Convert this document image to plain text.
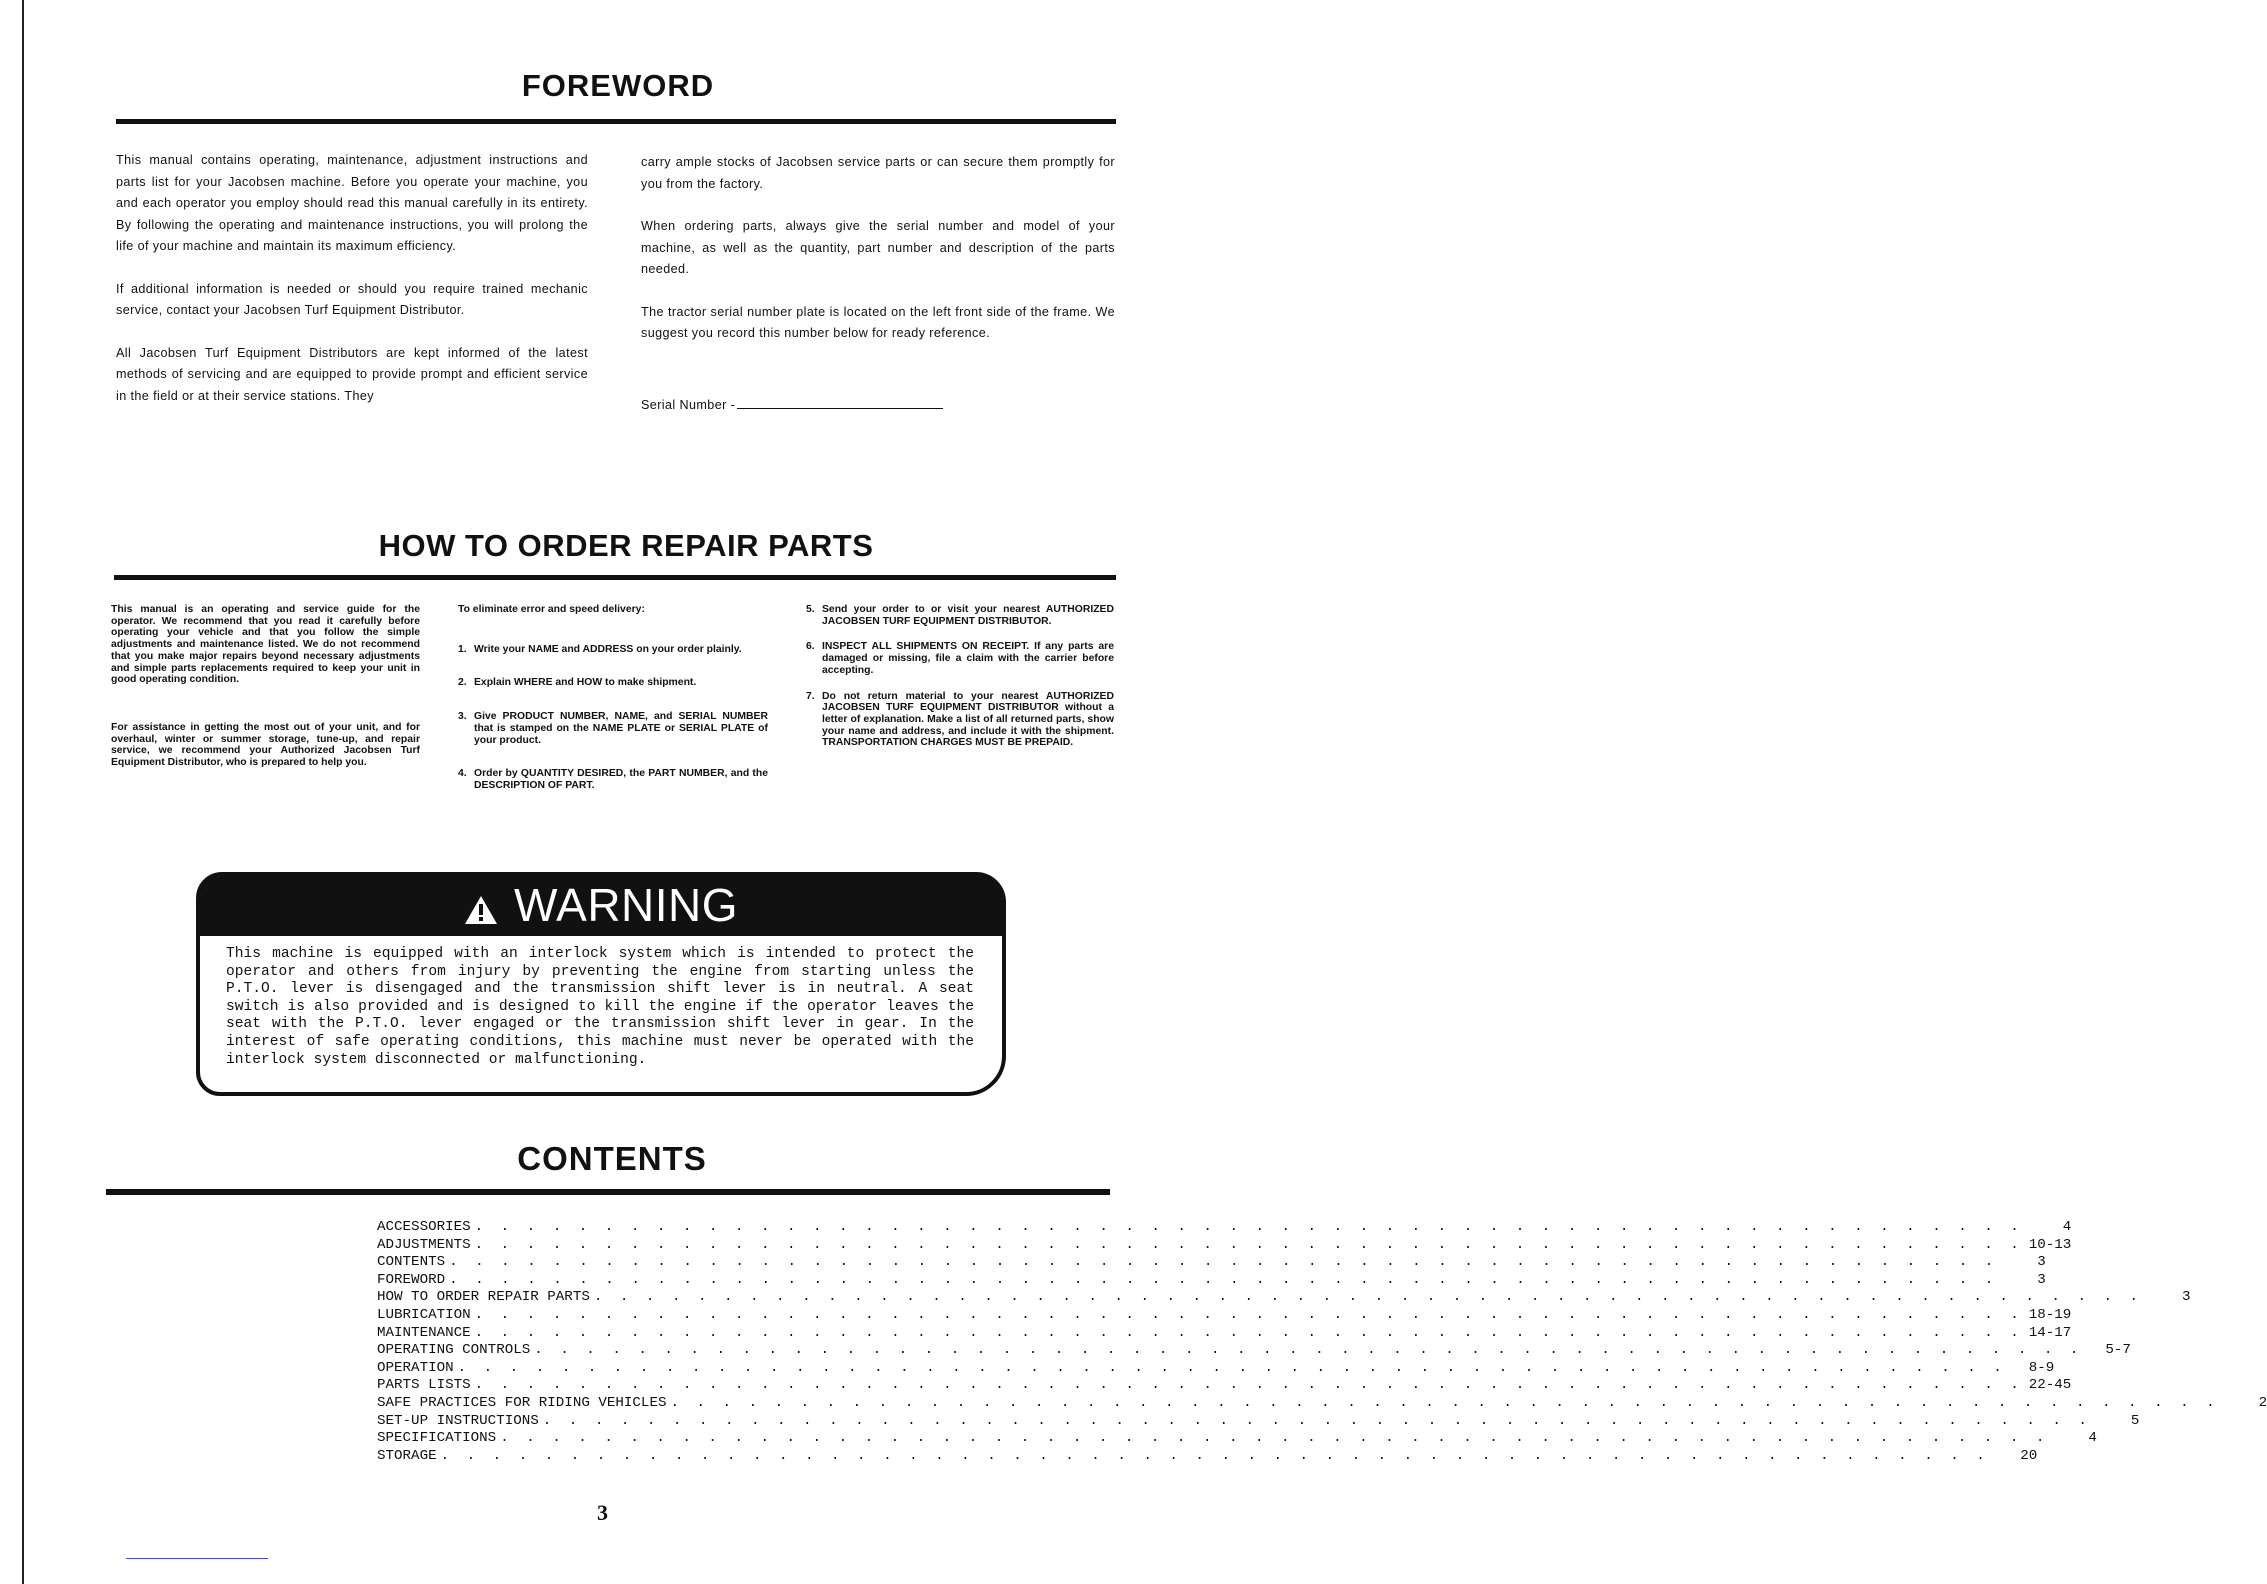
FOREWORD

This manual contains operating, maintenance, adjustment instructions and parts list for your Jacobsen machine. Before you operate your machine, you and each operator you employ should read this manual carefully in its entirety. By following the operating and maintenance instructions, you will prolong the life of your machine and maintain its maximum efficiency.

If additional information is needed or should you require trained mechanic service, contact your Jacobsen Turf Equipment Distributor.

All Jacobsen Turf Equipment Distributors are kept informed of the latest methods of servicing and are equipped to provide prompt and efficient service in the field or at their service stations. They

carry ample stocks of Jacobsen service parts or can secure them promptly for you from the factory.

When ordering parts, always give the serial number and model of your machine, as well as the quantity, part number and description of the parts needed.

The tractor serial number plate is located on the left front side of the frame. We suggest you record this number below for ready reference.

Serial Number -
HOW TO ORDER REPAIR PARTS

This manual is an operating and service guide for the operator. We recommend that you read it carefully before operating your vehicle and that you follow the simple adjustments and maintenance listed. We do not recommend that you make major repairs beyond necessary adjustments and simple parts replacements required to keep your unit in good operating condition.

For assistance in getting the most out of your unit, and for overhaul, winter or summer storage, tune-up, and repair service, we recommend your Authorized Jacobsen Turf Equipment Distributor, who is prepared to help you.

To eliminate error and speed delivery:

1. Write your NAME and ADDRESS on your order plainly.
2. Explain WHERE and HOW to make shipment.
3. Give PRODUCT NUMBER, NAME, and SERIAL NUMBER that is stamped on the NAME PLATE or SERIAL PLATE of your product.
4. Order by QUANTITY DESIRED, the PART NUMBER, and the DESCRIPTION OF PART.
5. Send your order to or visit your nearest AUTHORIZED JACOBSEN TURF EQUIPMENT DISTRIBUTOR.
6. INSPECT ALL SHIPMENTS ON RECEIPT. If any parts are damaged or missing, file a claim with the carrier before accepting.
7. Do not return material to your nearest AUTHORIZED JACOBSEN TURF EQUIPMENT DISTRIBUTOR without a letter of explanation. Make a list of all returned parts, show your name and address, and include it with the shipment. TRANSPORTATION CHARGES MUST BE PREPAID.
WARNING
This machine is equipped with an interlock system which is intended to protect the operator and others from injury by preventing the engine from starting unless the P.T.O. lever is disengaged and the transmission shift lever is in neutral. A seat switch is also provided and is designed to kill the engine if the operator leaves the seat with the P.T.O. lever engaged or the transmission shift lever in gear. In the interest of safe operating conditions, this machine must never be operated with the interlock system disconnected or malfunctioning.
CONTENTS
ACCESSORIES . . . . . . . . . . . . . . . . . . . . . . . . . . . . . . . . . . . . . . . . . . . . . . . . . . . . . . . . . . . .	4
ADJUSTMENTS . . . . . . . . . . . . . . . . . . . . . . . . . . . . . . . . . . . . . . . . . . . . . . . . . . . . . . . . . . . . 10-13
CONTENTS . . . . . . . . . . . . . . . . . . . . . . . . . . . . . . . . . . . . . . . . . . . . . . . . . . . . . . . . . . . .	3
FOREWORD . . . . . . . . . . . . . . . . . . . . . . . . . . . . . . . . . . . . . . . . . . . . . . . . . . . . . . . . . . . .	3
HOW TO ORDER REPAIR PARTS . . . . . . . . . . . . . . . . . . . . . . . . . . . . . . . . . . . . . . . . . . . . . . . . . . . . . . . . . . . .	3
LUBRICATION . . . . . . . . . . . . . . . . . . . . . . . . . . . . . . . . . . . . . . . . . . . . . . . . . . . . . . . . . . . . 18-19
MAINTENANCE . . . . . . . . . . . . . . . . . . . . . . . . . . . . . . . . . . . . . . . . . . . . . . . . . . . . . . . . . . . . 14-17
OPERATING CONTROLS . . . . . . . . . . . . . . . . . . . . . . . . . . . . . . . . . . . . . . . . . . . . . . . . . . . . . . . . . . . .	5-7
OPERATION . . . . . . . . . . . . . . . . . . . . . . . . . . . . . . . . . . . . . . . . . . . . . . . . . . . . . . . . . . . .	8-9
PARTS LISTS . . . . . . . . . . . . . . . . . . . . . . . . . . . . . . . . . . . . . . . . . . . . . . . . . . . . . . . . . . . . 22-45
SAFE PRACTICES FOR RIDING VEHICLES . . . . . . . . . . . . . . . . . . . . . . . . . . . . . . . . . . . . . . . . . . . . . . . . . . . . . . . . . . . .	2
SET-UP INSTRUCTIONS . . . . . . . . . . . . . . . . . . . . . . . . . . . . . . . . . . . . . . . . . . . . . . . . . . . . . . . . . . . .	5
SPECIFICATIONS . . . . . . . . . . . . . . . . . . . . . . . . . . . . . . . . . . . . . . . . . . . . . . . . . . . . . . . . . . . .	4
STORAGE . . . . . . . . . . . . . . . . . . . . . . . . . . . . . . . . . . . . . . . . . . . . . . . . . . . . . . . . . . . .	20
3
